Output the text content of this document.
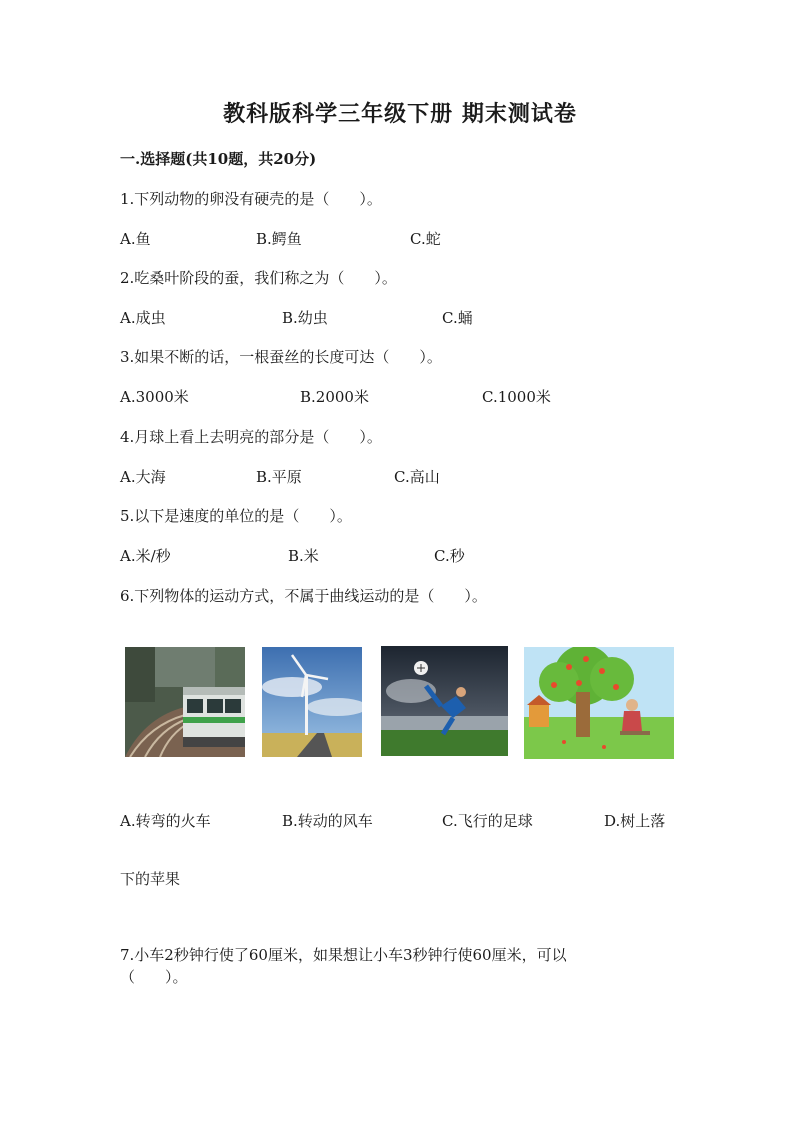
教科版科学三年级下册 期末测试卷
一.选择题(共10题，共20分)
1.下列动物的卵没有硬壳的是（　　）。
A.鱼	B.鳄鱼	C.蛇
2.吃桑叶阶段的蚕，我们称之为（　　）。
A.成虫	B.幼虫	C.蛹
3.如果不断的话，一根蚕丝的长度可达（　　）。
A.3000米	B.2000米	C.1000米
4.月球上看上去明亮的部分是（　　）。
A.大海	B.平原	C.高山
5.以下是速度的单位的是（　　）。
A.米/秒	B.米	C.秒
6.下列物体的运动方式，不属于曲线运动的是（　　）。
A.转弯的火车	B.转动的风车	C.飞行的足球	D.树上落
下的苹果
7.小车2秒钟行使了60厘米，如果想让小车3秒钟行使60厘米，可以
（　　）。
